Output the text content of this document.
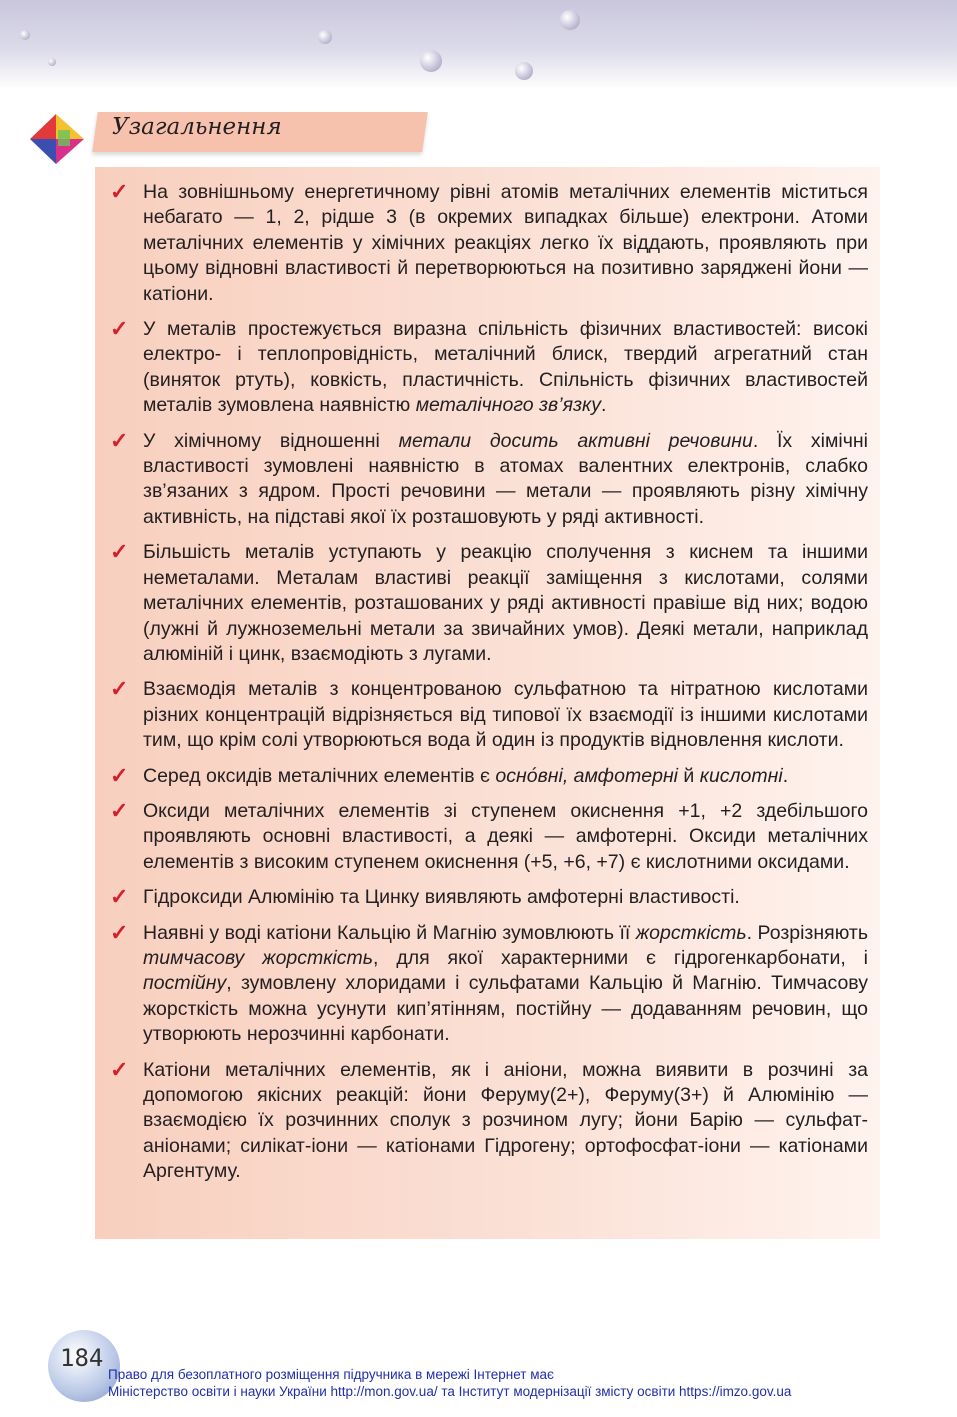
Узагальнення
✓ На зовнішньому енергетичному рівні атомів металічних елементів міститься небагато — 1, 2, рідше 3 (в окремих випадках більше) електрони. Атоми металічних елементів у хімічних реакціях легко їх віддають, проявляють при цьому відновні властивості й перетворюються на позитивно заряджені йони — катіони.
✓ У металів простежується виразна спільність фізичних властивостей: високі електро- і теплопровідність, металічний блиск, твердий агрегатний стан (виняток ртуть), ковкість, пластичність. Спільність фізичних властивостей металів зумовлена наявністю металічного зв’язку.
✓ У хімічному відношенні метали досить активні речовини. Їх хімічні властивості зумовлені наявністю в атомах валентних електронів, слабко зв’язаних з ядром. Прості речовини — метали — проявляють різну хімічну активність, на підставі якої їх розташовують у ряді активності.
✓ Більшість металів уступають у реакцію сполучення з киснем та іншими неметалами. Металам властиві реакції заміщення з кислотами, солями металічних елементів, розташованих у ряді активності правіше від них; водою (лужні й лужноземельні метали за звичайних умов). Деякі метали, наприклад алюміній і цинк, взаємодіють з лугами.
✓ Взаємодія металів з концентрованою сульфатною та нітратною кислотами різних концентрацій відрізняється від типової їх взаємодії із іншими кислотами тим, що крім солі утворюються вода й один із продуктів відновлення кислоти.
✓ Серед оксидів металічних елементів є осно́вні, амфотерні й кислотні.
✓ Оксиди металічних елементів зі ступенем окиснення +1, +2 здебільшого проявляють основні властивості, а деякі — амфотерні. Оксиди металічних елементів з високим ступенем окиснення (+5, +6, +7) є кислотними оксидами.
✓ Гідроксиди Алюмінію та Цинку виявляють амфотерні властивості.
✓ Наявні у воді катіони Кальцію й Магнію зумовлюють її жорсткість. Розрізняють тимчасову жорсткість, для якої характерними є гідрогенкарбонати, і постійну, зумовлену хлоридами і сульфатами Кальцію й Магнію. Тимчасову жорсткість можна усунути кип’ятінням, постійну — додаванням речовин, що утворюють нерозчинні карбонати.
✓ Катіони металічних елементів, як і аніони, можна виявити в розчині за допомогою якісних реакцій: йони Феруму(2+), Феруму(3+) й Алюмінію — взаємодією їх розчинних сполук з розчином лугу; йони Барію — сульфат-аніонами; силікат-іони — катіонами Гідрогену; ортофосфат-іони — катіонами Аргентуму.
184
Право для безоплатного розміщення підручника в мережі Інтернет має
Міністерство освіти і науки України http://mon.gov.ua/ та Інститут модернізації змісту освіти https://imzo.gov.ua
